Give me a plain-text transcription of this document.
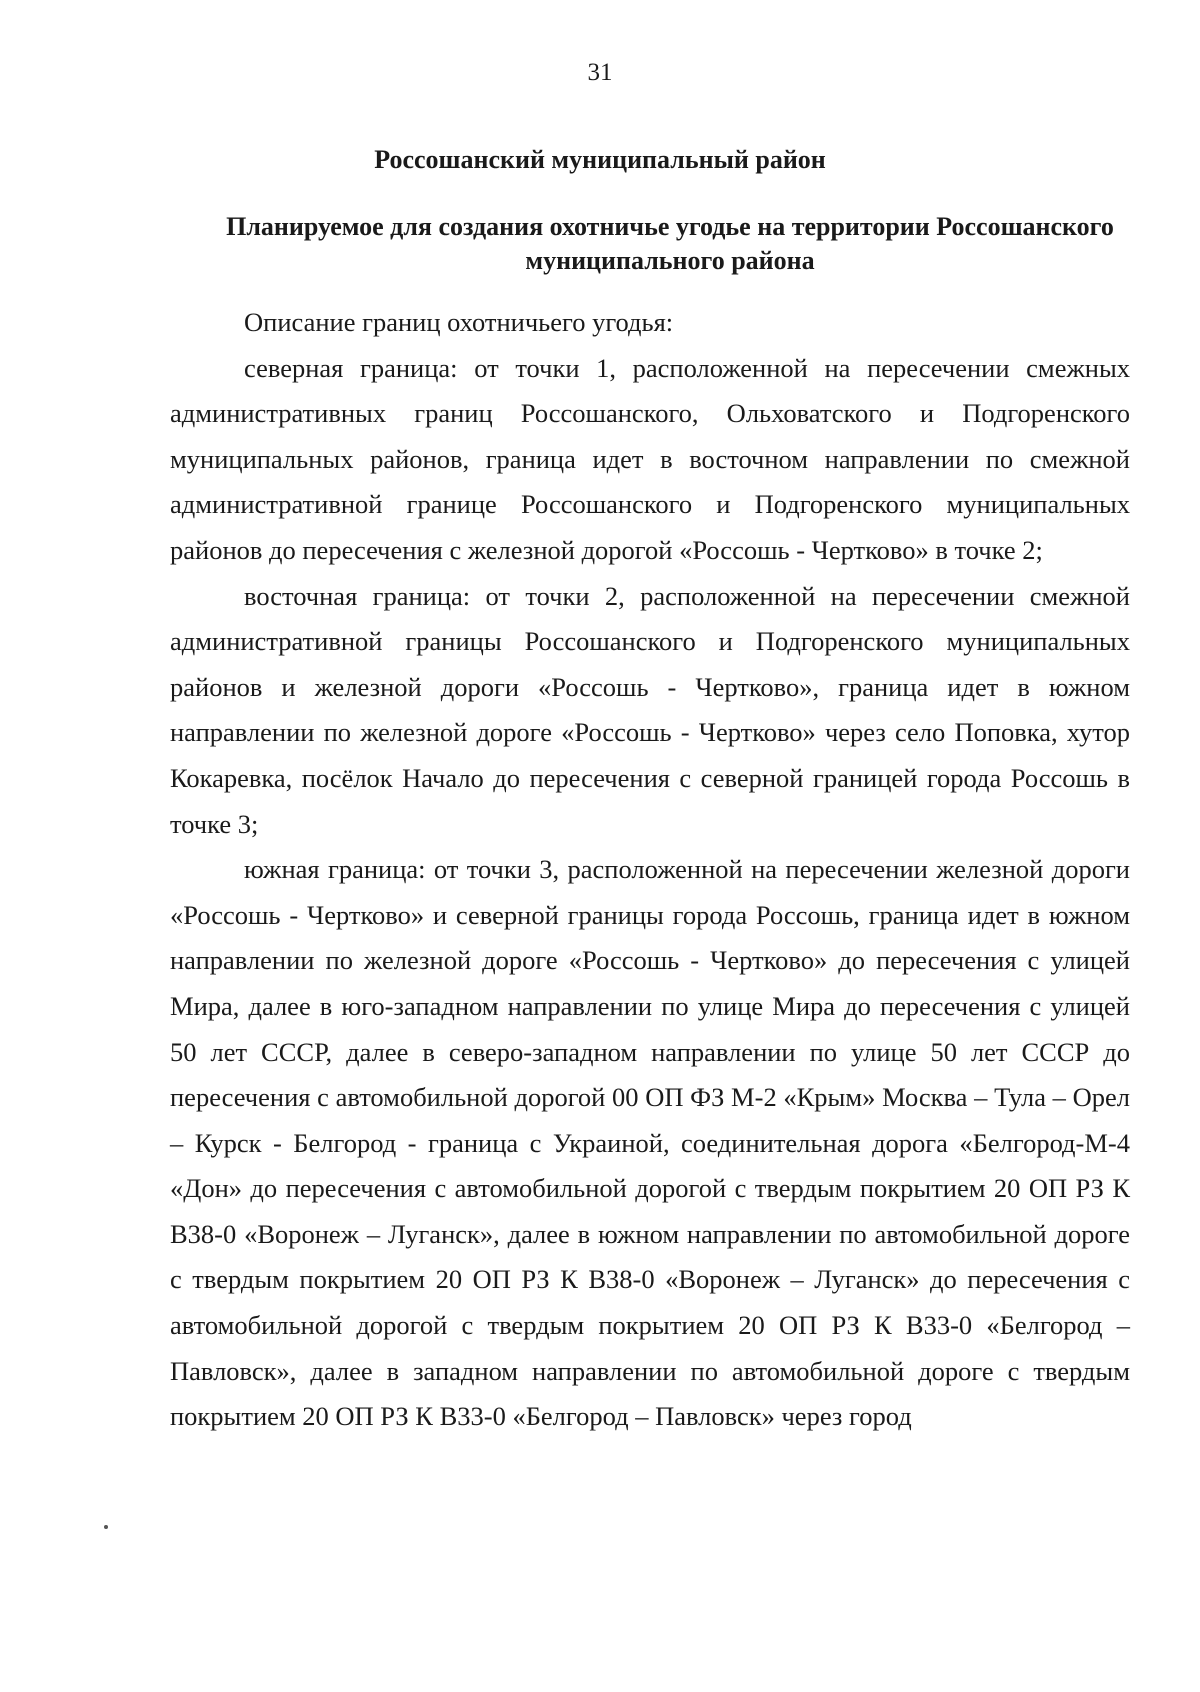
31
Россошанский муниципальный район
Планируемое для создания охотничье угодье на территории Россошанского муниципального района

Описание границ охотничьего угодья:

северная граница: от точки 1, расположенной на пересечении смежных административных границ Россошанского, Ольховатского и Подгоренского муниципальных районов, граница идет в восточном направлении по смежной административной границе Россошанского и Подгоренского муниципальных районов до пересечения с железной дорогой «Россошь - Чертково» в точке 2;

восточная граница: от точки 2, расположенной на пересечении смежной административной границы Россошанского и Подгоренского муниципальных районов и железной дороги «Россошь - Чертково», граница идет в южном направлении по железной дороге «Россошь - Чертково» через село Поповка, хутор Кокаревка, посёлок Начало до пересечения с северной границей города Россошь в точке 3;

южная граница: от точки 3, расположенной на пересечении железной дороги «Россошь - Чертково» и северной границы города Россошь, граница идет в южном направлении по железной дороге «Россошь - Чертково» до пересечения с улицей Мира, далее в юго-западном направлении по улице Мира до пересечения с улицей 50 лет СССР, далее в северо-западном направлении по улице 50 лет СССР до пересечения с автомобильной дорогой 00 ОП ФЗ М-2 «Крым» Москва – Тула – Орел – Курск - Белгород - граница с Украиной, соединительная дорога «Белгород-М-4 «Дон» до пересечения с автомобильной дорогой с твердым покрытием 20 ОП РЗ К В38-0 «Воронеж – Луганск», далее в южном направлении по автомобильной дороге с твердым покрытием 20 ОП РЗ К В38-0 «Воронеж – Луганск» до пересечения с автомобильной дорогой с твердым покрытием 20 ОП РЗ К В33-0 «Белгород – Павловск», далее в западном направлении по автомобильной дороге с твердым покрытием 20 ОП РЗ К В33-0 «Белгород – Павловск» через город
